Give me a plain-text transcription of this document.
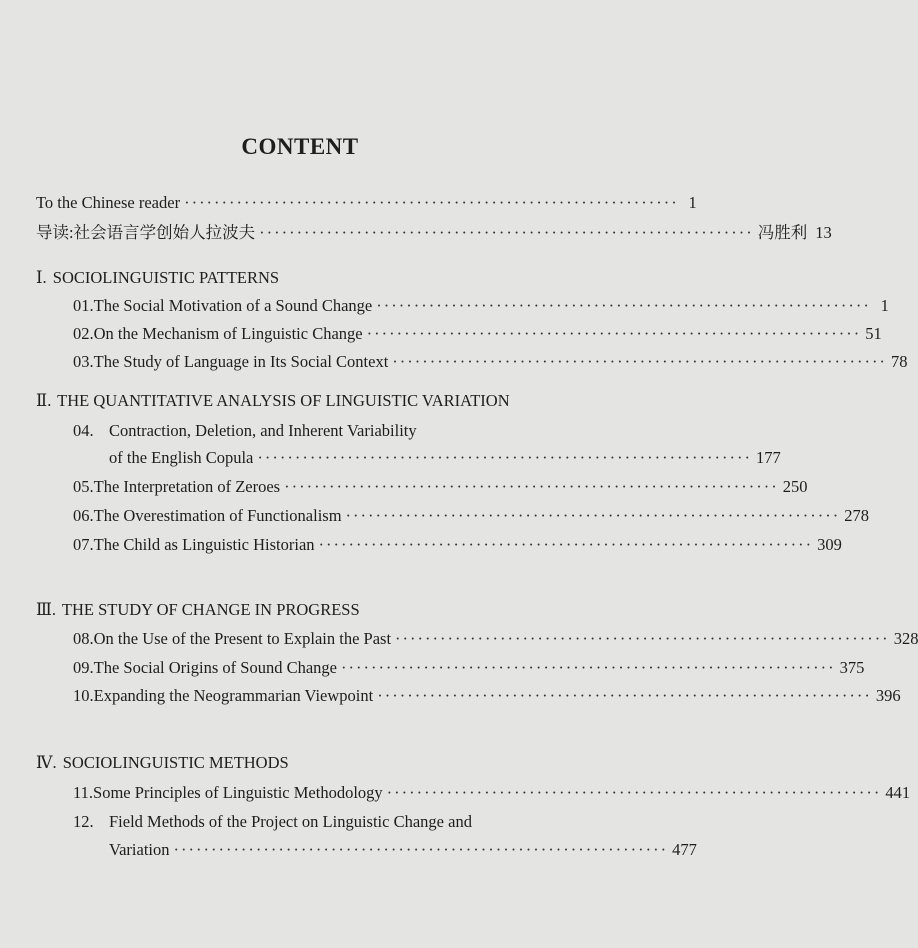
CONTENT
To the Chinese reader ·································································· 1
导读:社会语言学创始人拉波夫 ·································································· 冯胜利 13
Ⅰ. SOCIOLINGUISTIC PATTERNS
01. The Social Motivation of a Sound Change ·································································· 1
02. On the Mechanism of Linguistic Change ·································································· 51
03. The Study of Language in Its Social Context ·································································· 78
Ⅱ. THE QUANTITATIVE ANALYSIS OF LINGUISTIC VARIATION
04. Contraction, Deletion, and Inherent Variability
of the English Copula ·································································· 177
05. The Interpretation of Zeroes ·································································· 250
06. The Overestimation of Functionalism ·································································· 278
07. The Child as Linguistic Historian ·································································· 309
Ⅲ. THE STUDY OF CHANGE IN PROGRESS
08. On the Use of the Present to Explain the Past ·································································· 328
09. The Social Origins of Sound Change ·································································· 375
10. Expanding the Neogrammarian Viewpoint ·································································· 396
Ⅳ. SOCIOLINGUISTIC METHODS
11. Some Principles of Linguistic Methodology ·································································· 441
12. Field Methods of the Project on Linguistic Change and
Variation ·································································· 477
